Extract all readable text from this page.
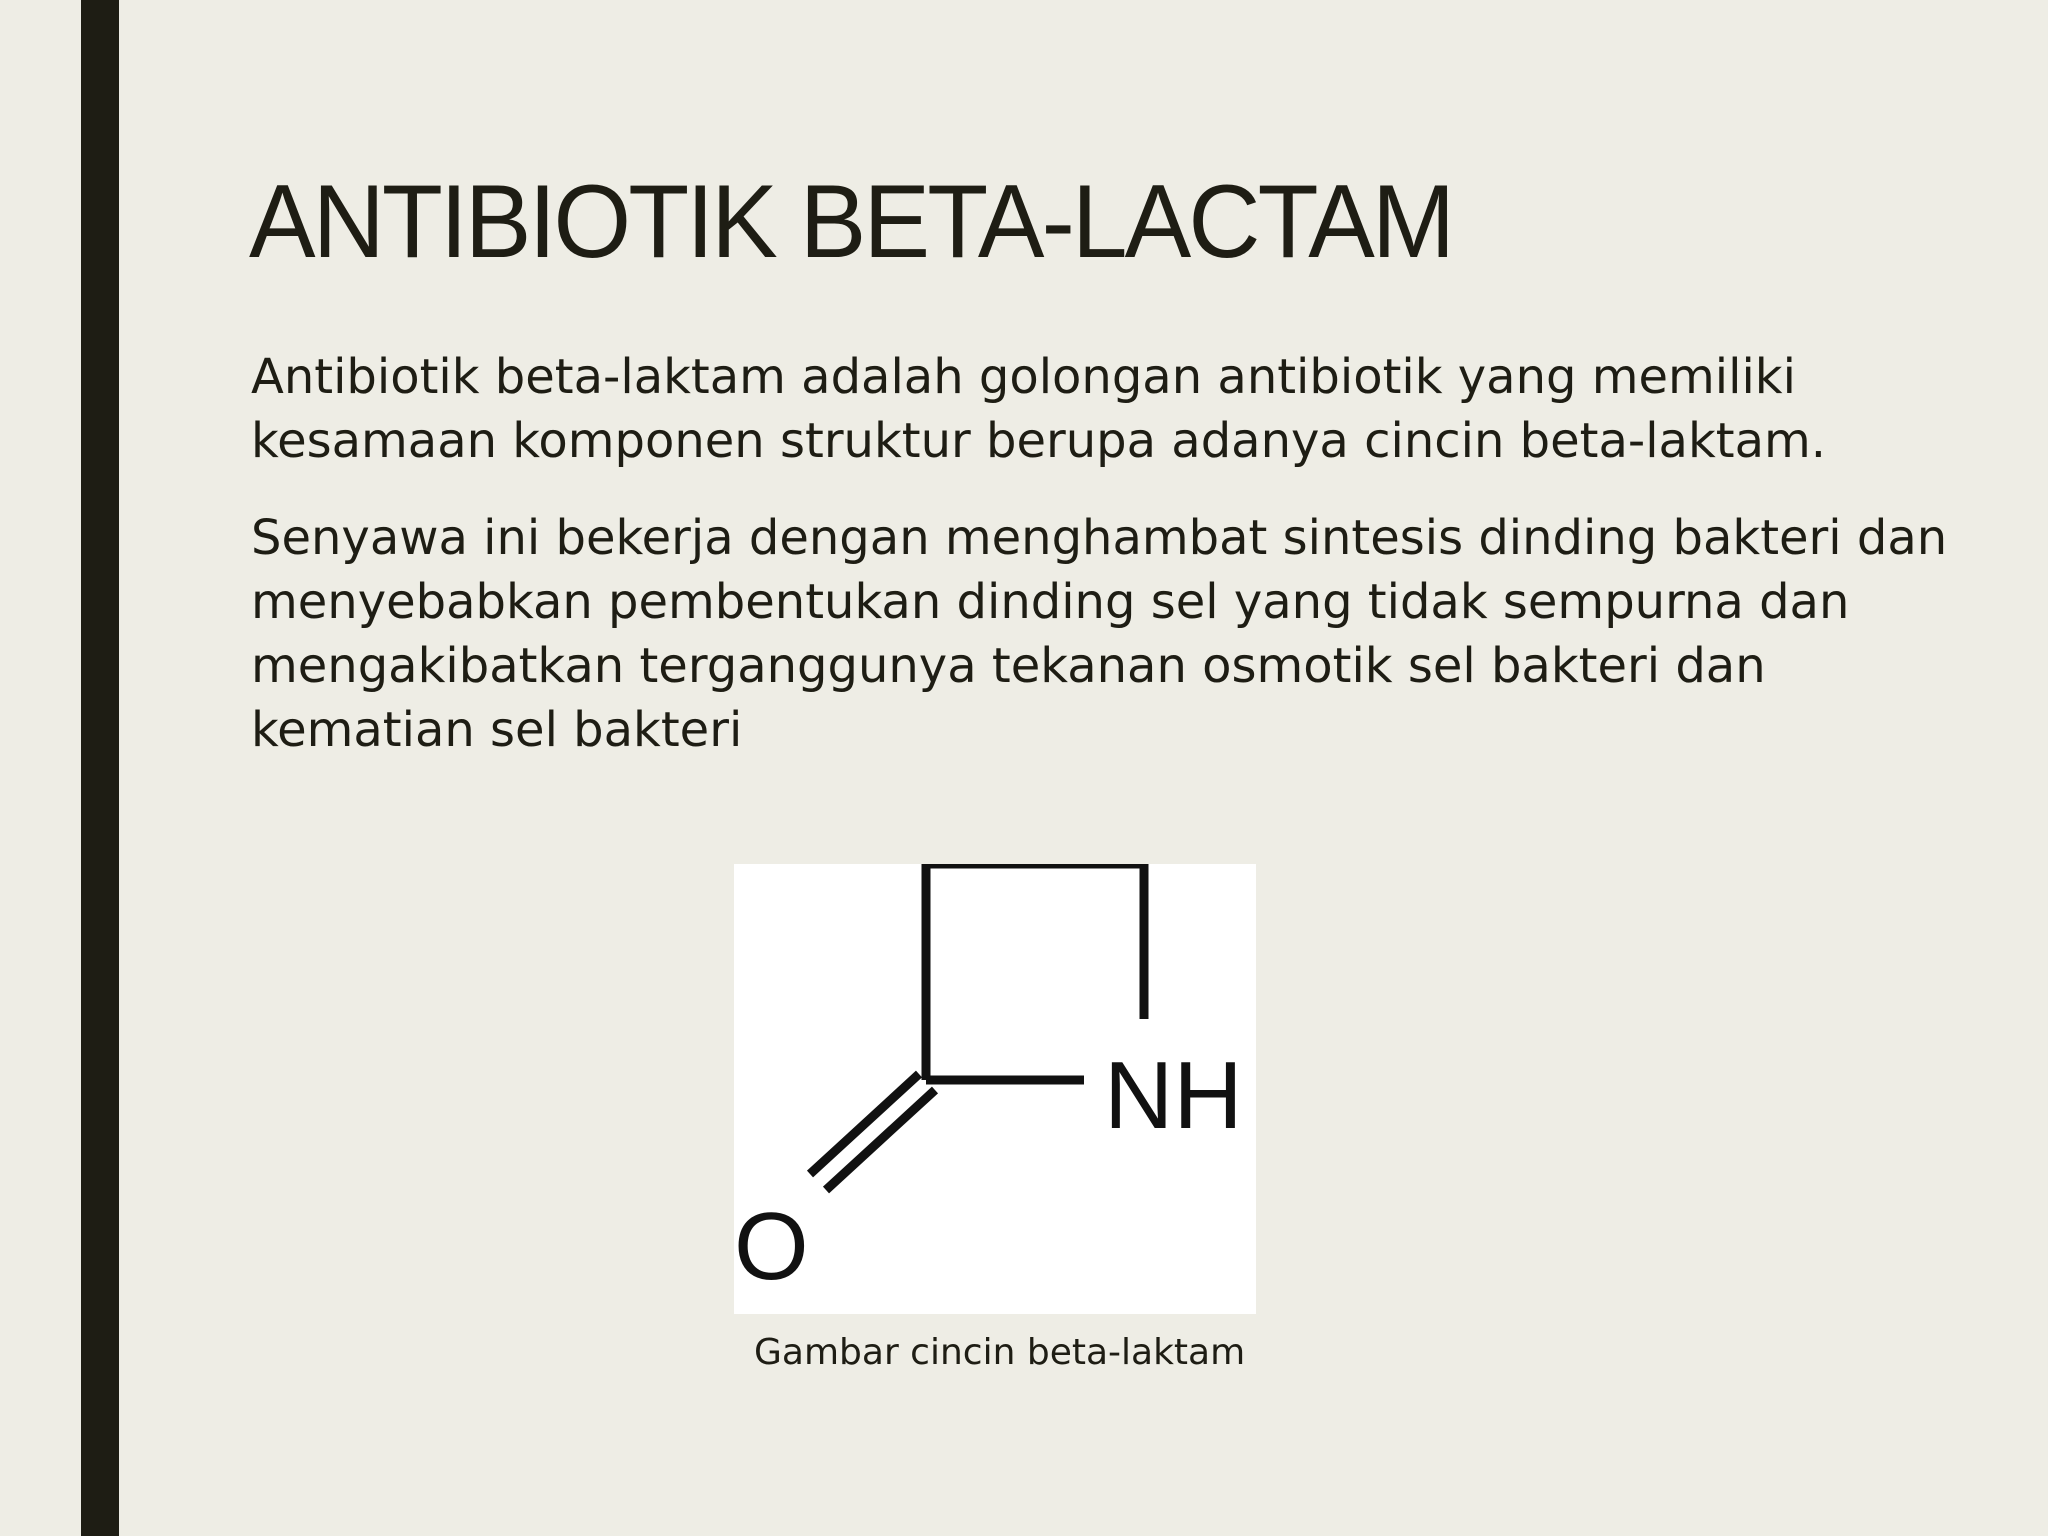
ANTIBIOTIK BETA-LACTAM

Antibiotik beta-laktam adalah golongan antibiotik yang memiliki kesamaan komponen struktur berupa adanya cincin beta-laktam.

Senyawa ini bekerja dengan menghambat sintesis dinding bakteri dan menyebabkan pembentukan dinding sel yang tidak sempurna dan mengakibatkan terganggunya tekanan osmotik sel bakteri dan kematian sel bakteri

NH
O

Gambar cincin beta-laktam
